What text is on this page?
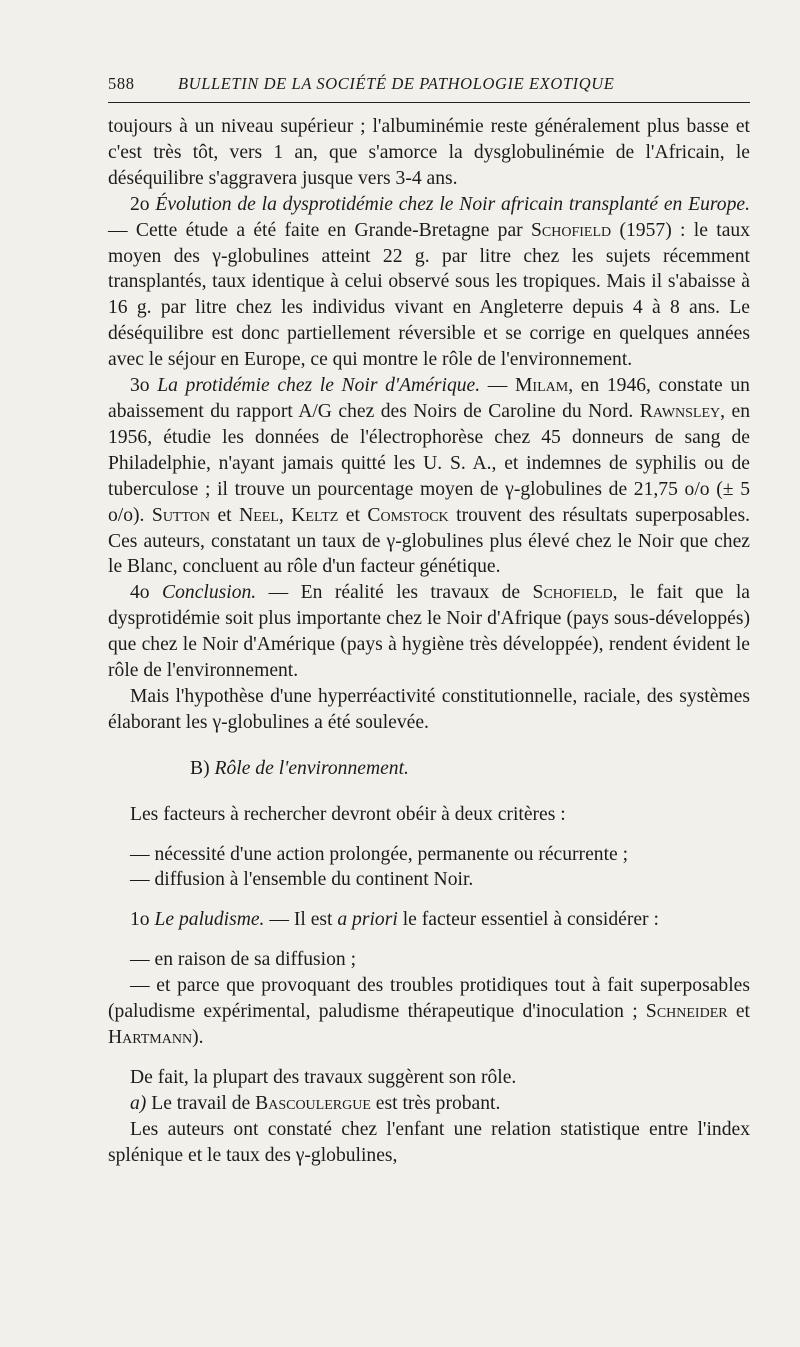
588	BULLETIN DE LA SOCIÉTÉ DE PATHOLOGIE EXOTIQUE

toujours à un niveau supérieur ; l'albuminémie reste généralement plus basse et c'est très tôt, vers 1 an, que s'amorce la dysglobulinémie de l'Africain, le déséquilibre s'aggravera jusque vers 3-4 ans.

2o Évolution de la dysprotidémie chez le Noir africain transplanté en Europe. — Cette étude a été faite en Grande-Bretagne par Schofield (1957) : le taux moyen des γ-globulines atteint 22 g. par litre chez les sujets récemment transplantés, taux identique à celui observé sous les tropiques. Mais il s'abaisse à 16 g. par litre chez les individus vivant en Angleterre depuis 4 à 8 ans. Le déséquilibre est donc partiellement réversible et se corrige en quelques années avec le séjour en Europe, ce qui montre le rôle de l'environnement.

3o La protidémie chez le Noir d'Amérique. — Milam, en 1946, constate un abaissement du rapport A/G chez des Noirs de Caroline du Nord. Rawnsley, en 1956, étudie les données de l'électrophorèse chez 45 donneurs de sang de Philadelphie, n'ayant jamais quitté les U. S. A., et indemnes de syphilis ou de tuberculose ; il trouve un pourcentage moyen de γ-globulines de 21,75 o/o (± 5 o/o). Sutton et Neel, Keltz et Comstock trouvent des résultats superposables. Ces auteurs, constatant un taux de γ-globulines plus élevé chez le Noir que chez le Blanc, concluent au rôle d'un facteur génétique.

4o Conclusion. — En réalité les travaux de Schofield, le fait que la dysprotidémie soit plus importante chez le Noir d'Afrique (pays sous-développés) que chez le Noir d'Amérique (pays à hygiène très développée), rendent évident le rôle de l'environnement.

Mais l'hypothèse d'une hyperréactivité constitutionnelle, raciale, des systèmes élaborant les γ-globulines a été soulevée.

B) Rôle de l'environnement.

Les facteurs à rechercher devront obéir à deux critères :

— nécessité d'une action prolongée, permanente ou récurrente ;

— diffusion à l'ensemble du continent Noir.

1o Le paludisme. — Il est a priori le facteur essentiel à considérer :

— en raison de sa diffusion ;

— et parce que provoquant des troubles protidiques tout à fait superposables (paludisme expérimental, paludisme thérapeutique d'inoculation ; Schneider et Hartmann).

De fait, la plupart des travaux suggèrent son rôle.

a) Le travail de Bascoulergue est très probant.

Les auteurs ont constaté chez l'enfant une relation statistique entre l'index splénique et le taux des γ-globulines,
